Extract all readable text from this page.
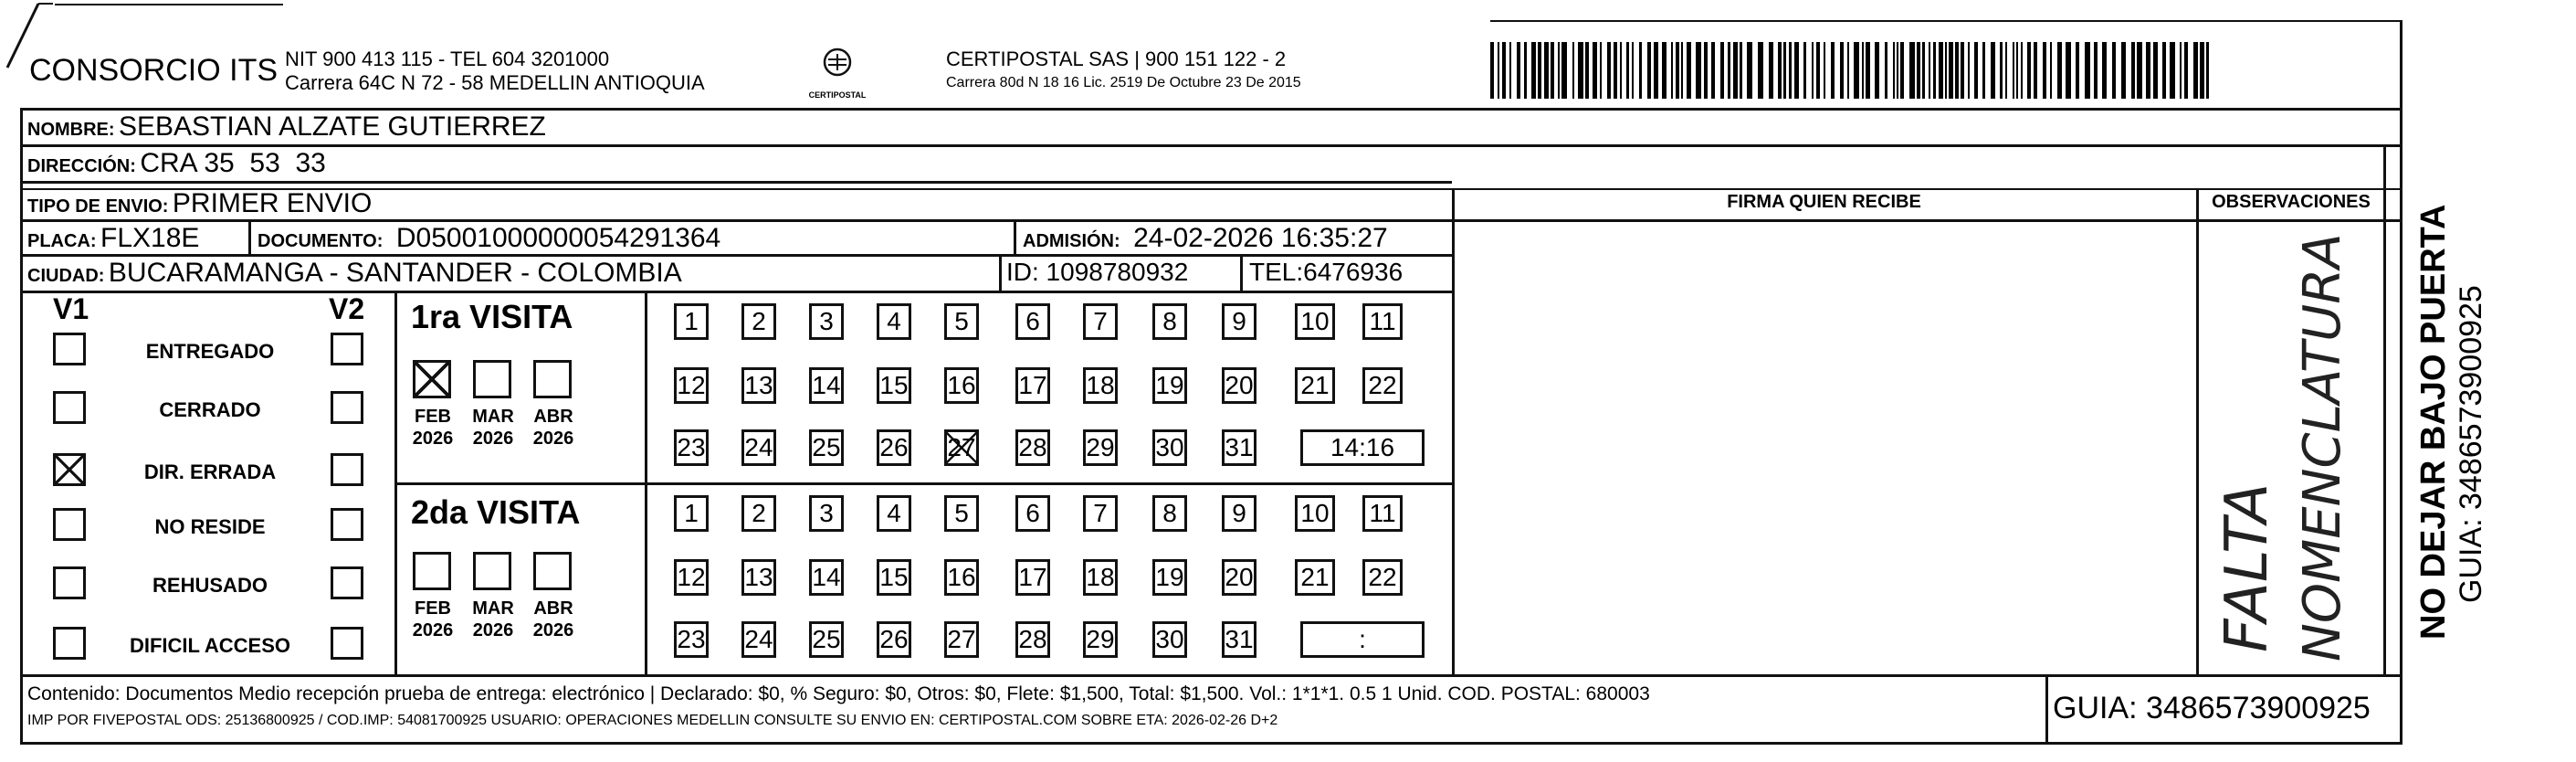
CONSORCIO ITS NIT 900 413 115 - TEL 604 3201000
Carrera 64C N 72 - 58 MEDELLIN ANTIOQUIA
CERTIPOSTAL
CERTIPOSTAL SAS | 900 151 122 - 2
Carrera 80d N 18 16 Lic. 2519 De Octubre 23 De 2015
NOMBRE: SEBASTIAN ALZATE GUTIERREZ
DIRECCIÓN: CRA 35  53  33
TIPO DE ENVIO: PRIMER ENVIO
PLACA: FLX18E	DOCUMENTO: D05001000000054291364	ADMISIÓN: 24-02-2026 16:35:27
CIUDAD: BUCARAMANGA - SANTANDER - COLOMBIA	ID: 1098780932 TEL:6476936
FIRMA QUIEN RECIBE	OBSERVACIONES
V1	V2
ENTREGADO
CERRADO
DIR. ERRADA
NO RESIDE
REHUSADO
DIFICIL ACCESO
1ra VISITA
2da VISITA
FEB
2026
MAR
2026
ABR
2026
1	2	3	4	5	6	7	8	9	10 11
12 13 14 15 16 17 18 19 20 21 22
23 24 25 26 27 28 29 30 31	14:16
FEB
2026
MAR
2026
ABR
2026
1	2	3	4	5	6	7	8	9	10 11
12 13 14 15 16 17 18 19 20 21 22
23 24 25 26 27 28 29 30 31	:	FALTA NOMENCLATURA
Contenido: Documentos Medio recepción prueba de entrega: electrónico | Declarado: $0, % Seguro: $0, Otros: $0, Flete: $1,500, Total: $1,500. Vol.: 1*1*1. 0.5 1 Unid. COD. POSTAL: 680003
IMP POR FIVEPOSTAL ODS: 25136800925 / COD.IMP: 54081700925 USUARIO: OPERACIONES MEDELLIN CONSULTE SU ENVIO EN: CERTIPOSTAL.COM SOBRE ETA: 2026-02-26 D+2	GUIA: 3486573900925
NO DEJAR BAJO PUERTA GUIA: 3486573900925
